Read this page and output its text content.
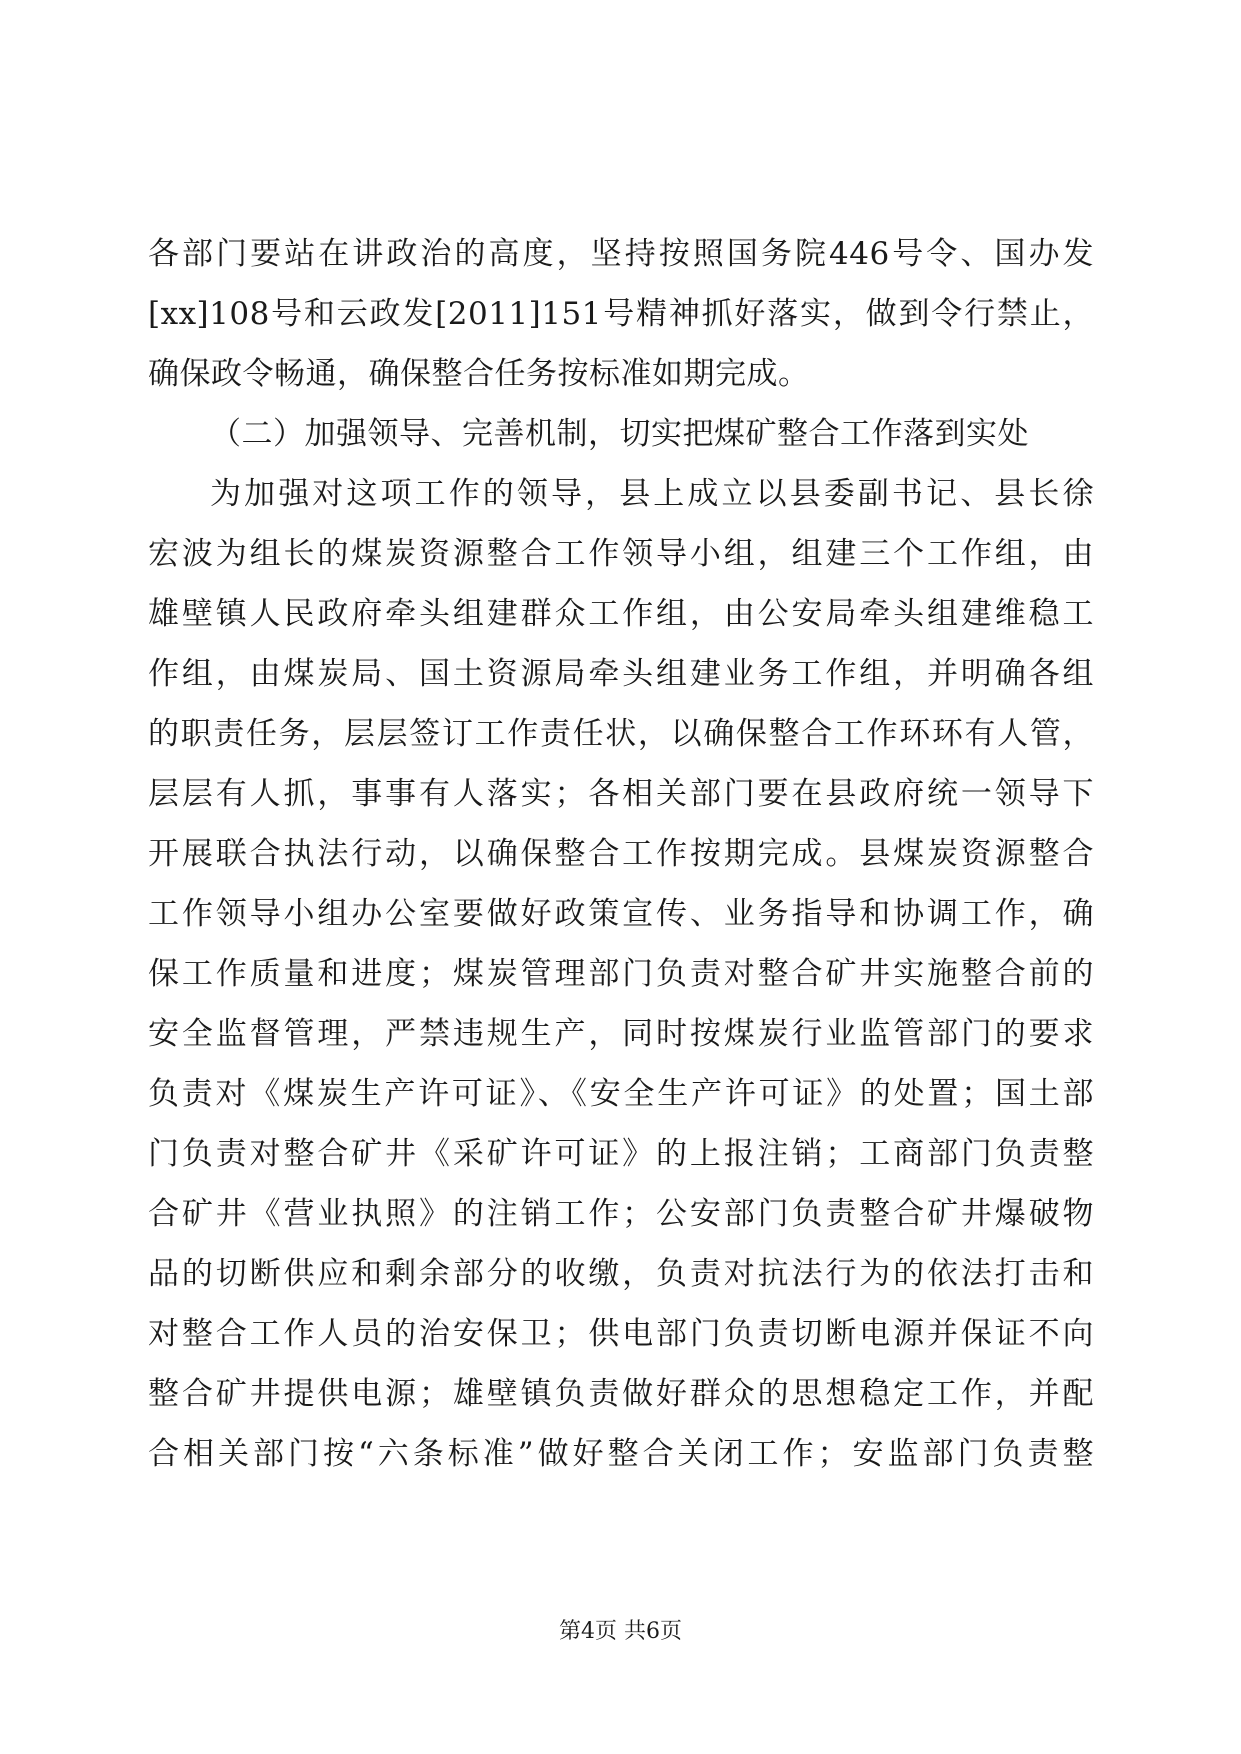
各部门要站在讲政治的高度，坚持按照国务院446号令、国办发
[xx]108号和云政发[2011]151号精神抓好落实，做到令行禁止，
确保政令畅通，确保整合任务按标准如期完成。
（二）加强领导、完善机制，切实把煤矿整合工作落到实处
为加强对这项工作的领导，县上成立以县委副书记、县长徐
宏波为组长的煤炭资源整合工作领导小组，组建三个工作组，由
雄壁镇人民政府牵头组建群众工作组，由公安局牵头组建维稳工
作组，由煤炭局、国土资源局牵头组建业务工作组，并明确各组
的职责任务，层层签订工作责任状，以确保整合工作环环有人管，
层层有人抓，事事有人落实；各相关部门要在县政府统一领导下
开展联合执法行动，以确保整合工作按期完成。县煤炭资源整合
工作领导小组办公室要做好政策宣传、业务指导和协调工作，确
保工作质量和进度；煤炭管理部门负责对整合矿井实施整合前的
安全监督管理，严禁违规生产，同时按煤炭行业监管部门的要求
负责对《煤炭生产许可证》、《安全生产许可证》的处置；国土部
门负责对整合矿井《采矿许可证》的上报注销；工商部门负责整
合矿井《营业执照》的注销工作；公安部门负责整合矿井爆破物
品的切断供应和剩余部分的收缴，负责对抗法行为的依法打击和
对整合工作人员的治安保卫；供电部门负责切断电源并保证不向
整合矿井提供电源；雄壁镇负责做好群众的思想稳定工作，并配
合相关部门按“六条标准”做好整合关闭工作；安监部门负责整
第4页 共6页
